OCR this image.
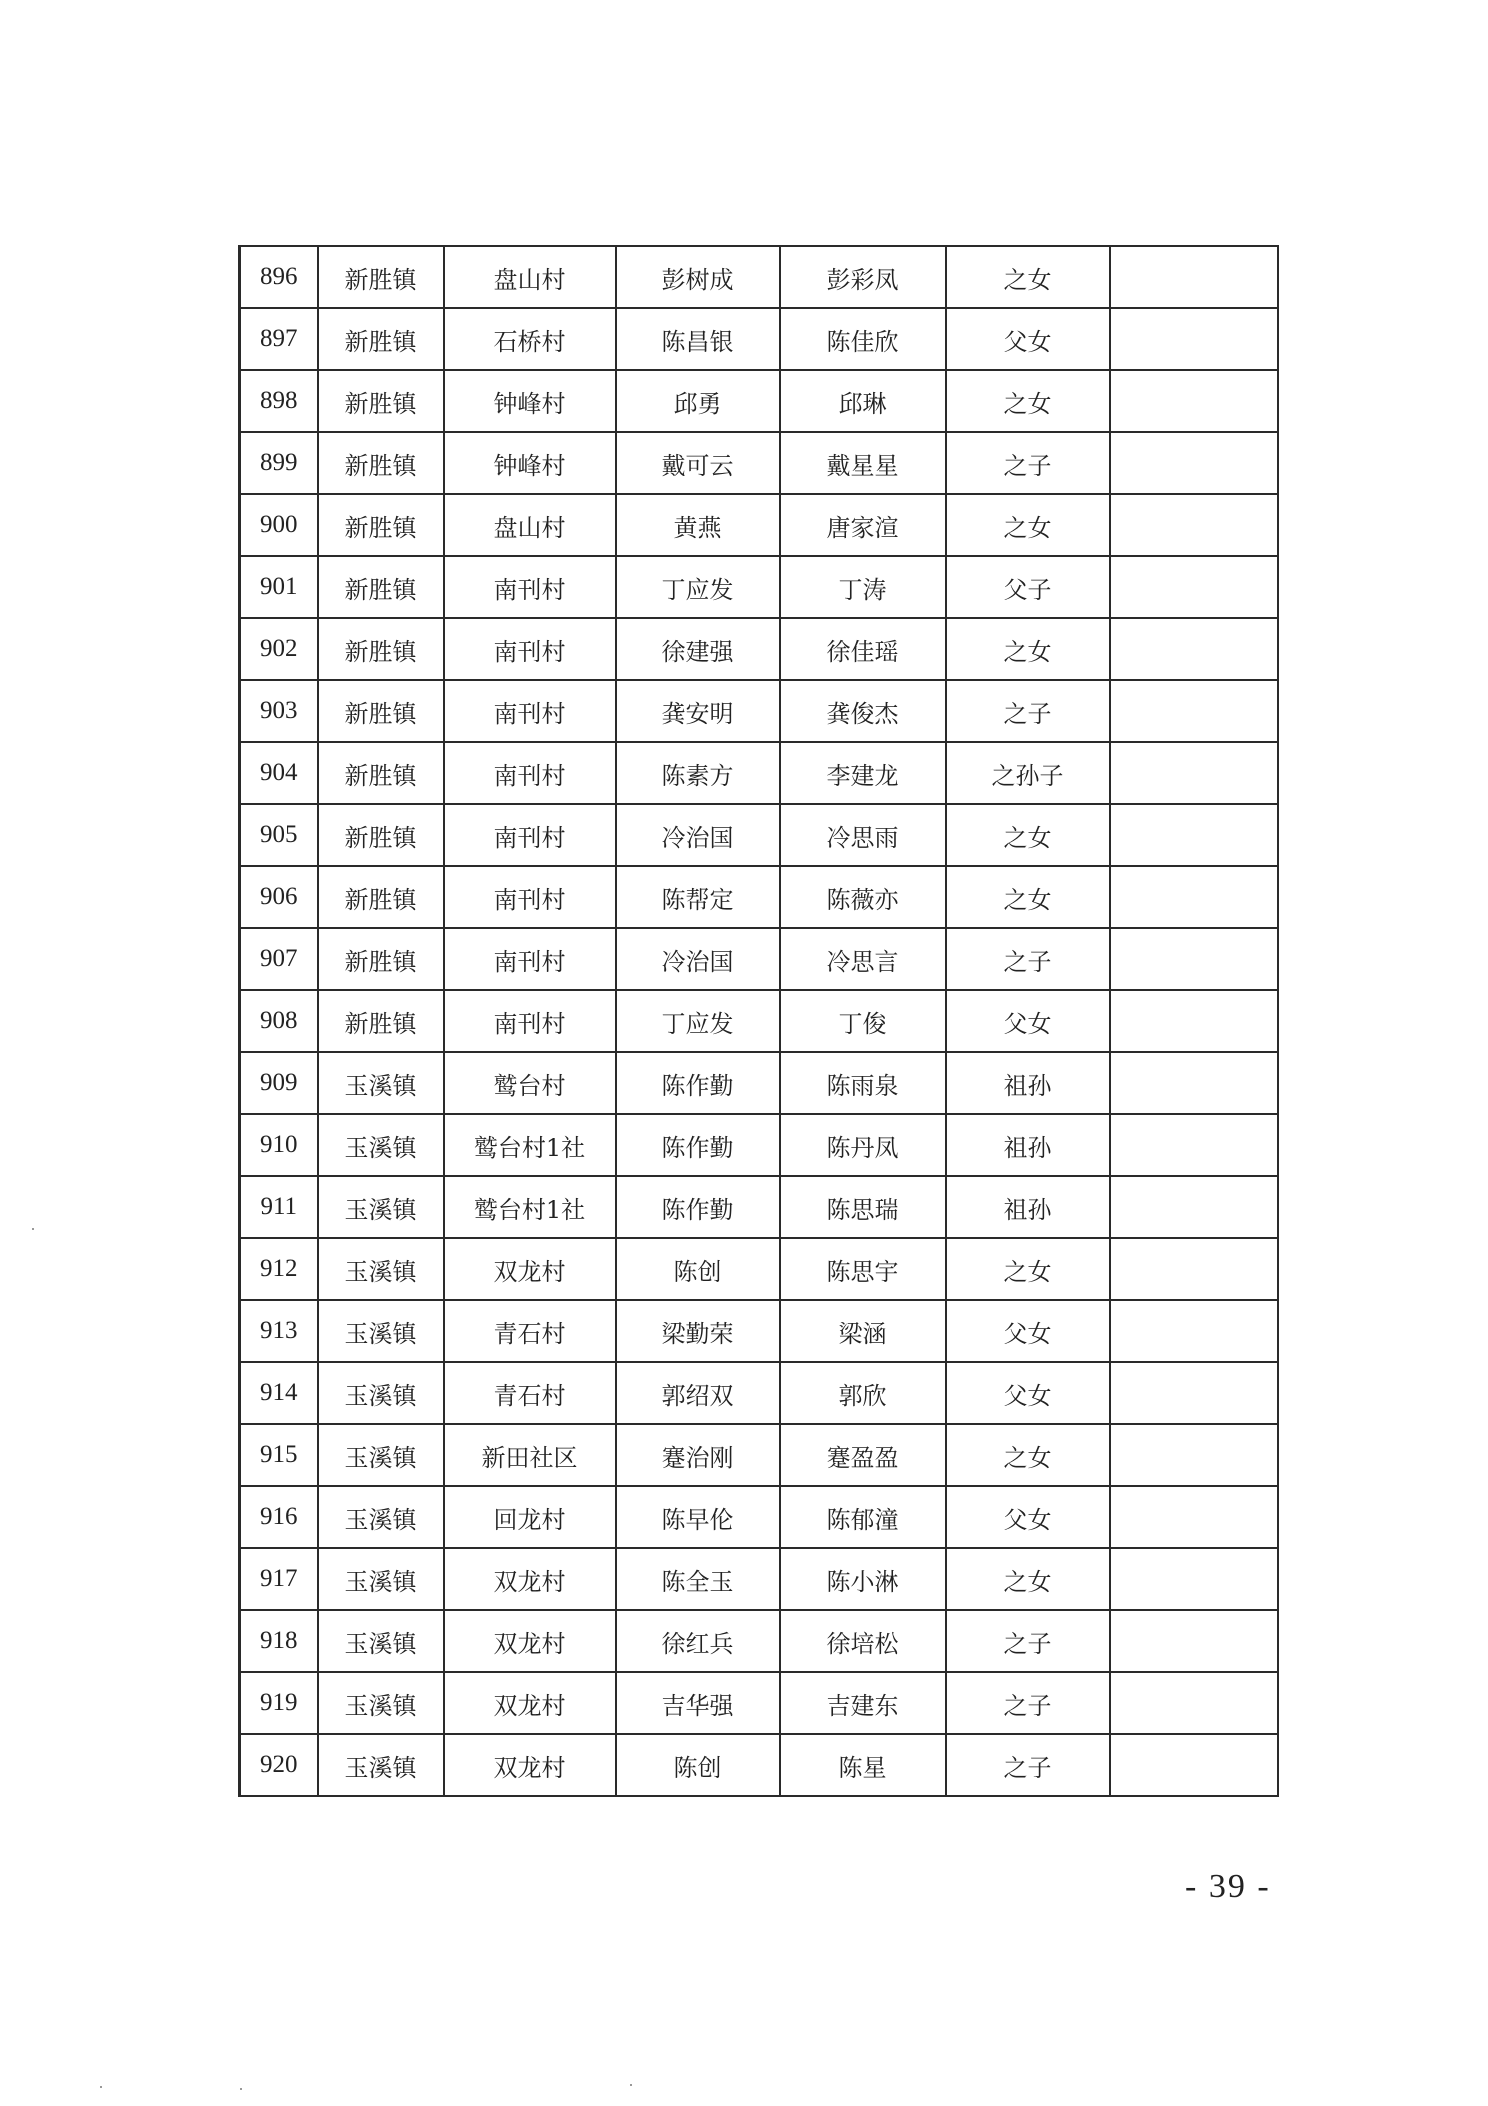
896	新胜镇	盘山村	彭树成	彭彩凤	之女	
897	新胜镇	石桥村	陈昌银	陈佳欣	父女	
898	新胜镇	钟峰村	邱勇	邱琳	之女	
899	新胜镇	钟峰村	戴可云	戴星星	之子	
900	新胜镇	盘山村	黄燕	唐家渲	之女	
901	新胜镇	南刊村	丁应发	丁涛	父子	
902	新胜镇	南刊村	徐建强	徐佳瑶	之女	
903	新胜镇	南刊村	龚安明	龚俊杰	之子	
904	新胜镇	南刊村	陈素方	李建龙	之孙子	
905	新胜镇	南刊村	冷治国	冷思雨	之女	
906	新胜镇	南刊村	陈帮定	陈薇亦	之女	
907	新胜镇	南刊村	冷治国	冷思言	之子	
908	新胜镇	南刊村	丁应发	丁俊	父女	
909	玉溪镇	鹫台村	陈作勤	陈雨泉	祖孙	
910	玉溪镇	鹫台村1社	陈作勤	陈丹凤	祖孙	
911	玉溪镇	鹫台村1社	陈作勤	陈思瑞	祖孙	
912	玉溪镇	双龙村	陈创	陈思宇	之女	
913	玉溪镇	青石村	梁勤荣	梁涵	父女	
914	玉溪镇	青石村	郭绍双	郭欣	父女	
915	玉溪镇	新田社区	蹇治刚	蹇盈盈	之女	
916	玉溪镇	回龙村	陈早伦	陈郁潼	父女	
917	玉溪镇	双龙村	陈全玉	陈小淋	之女	
918	玉溪镇	双龙村	徐红兵	徐培松	之子	
919	玉溪镇	双龙村	吉华强	吉建东	之子	
920	玉溪镇	双龙村	陈创	陈星	之子	
- 39 -
